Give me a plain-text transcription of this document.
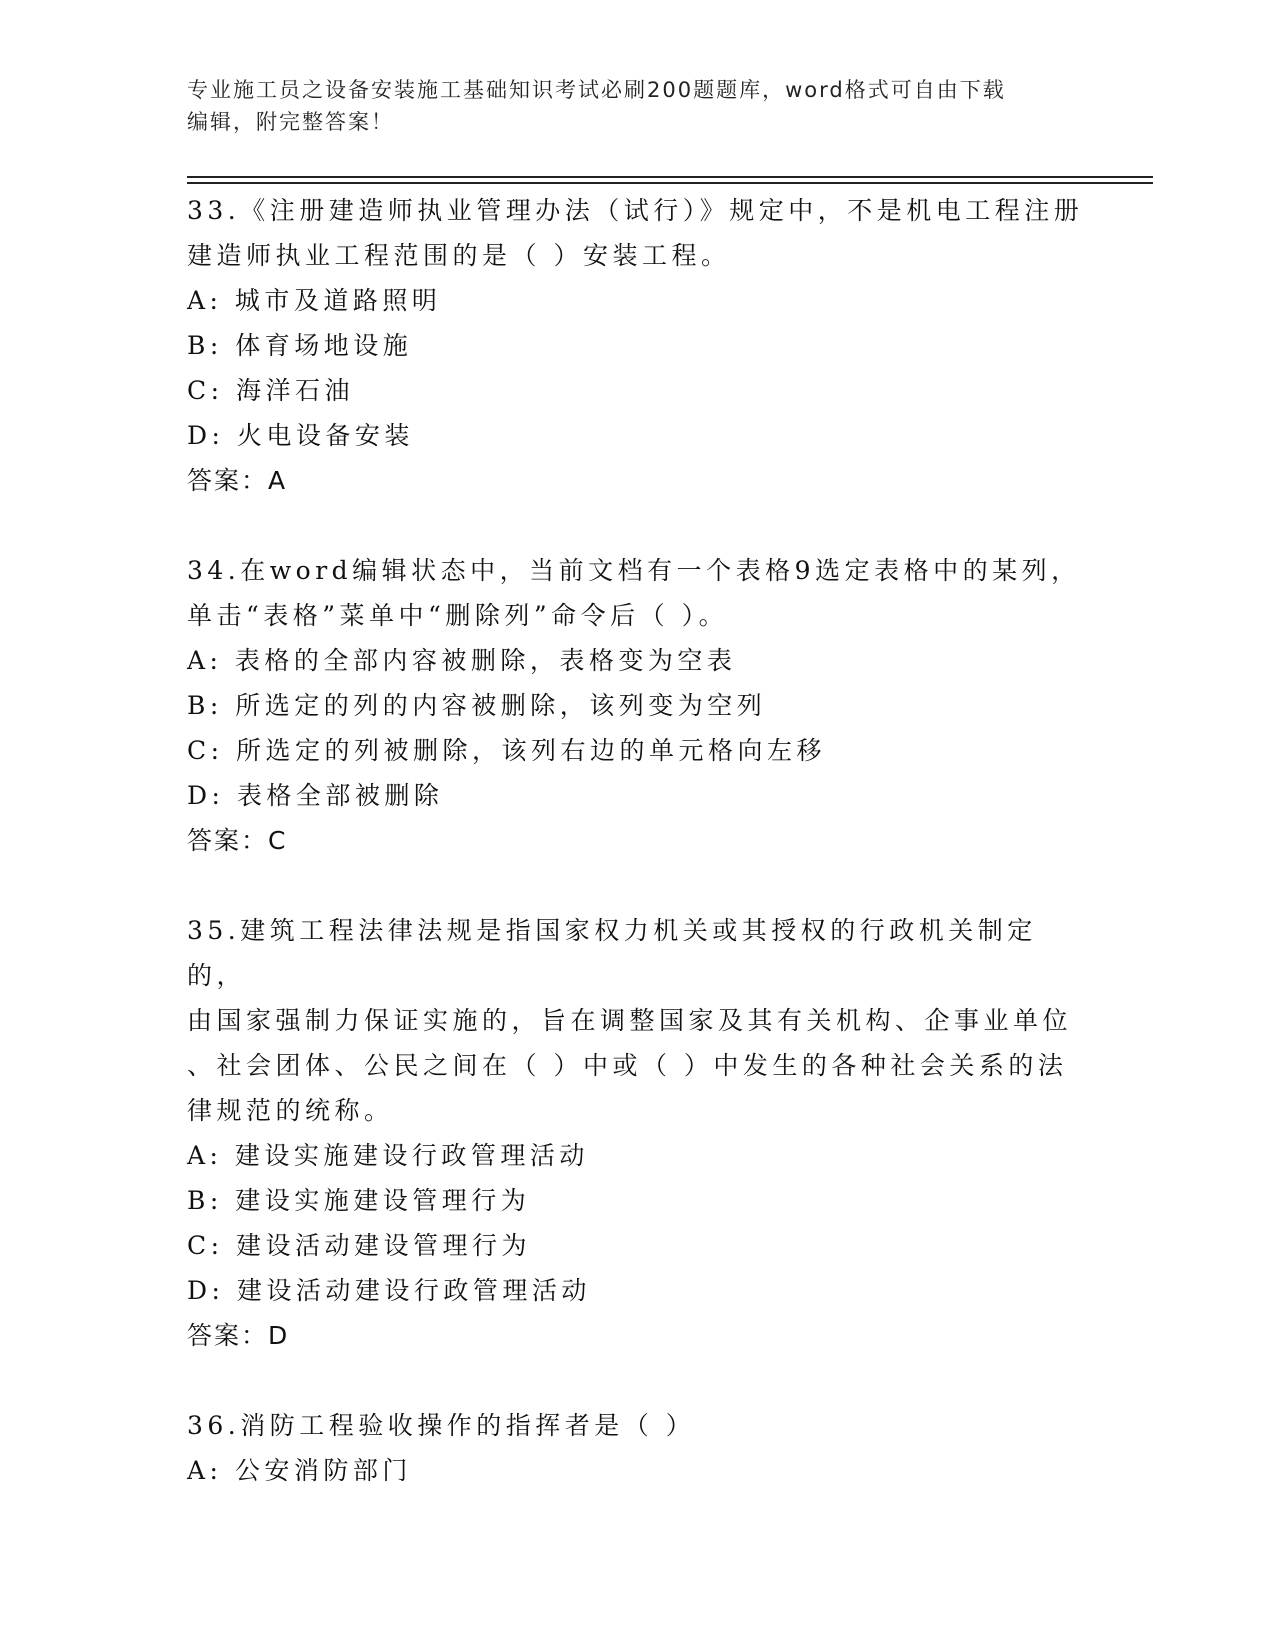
专业施工员之设备安装施工基础知识考试必刷200题题库，word格式可自由下载
编辑，附完整答案！
33.《注册建造师执业管理办法（试行）》规定中，不是机电工程注册
建造师执业工程范围的是（ ）安装工程。
A: 城市及道路照明
B: 体育场地设施
C: 海洋石油
D: 火电设备安装
答案：A
34.在word编辑状态中，当前文档有一个表格9选定表格中的某列，
单击“表格”菜单中“删除列”命令后（ ）。
A: 表格的全部内容被删除，表格变为空表
B: 所选定的列的内容被删除，该列变为空列
C: 所选定的列被删除，该列右边的单元格向左移
D: 表格全部被删除
答案：C
35.建筑工程法律法规是指国家权力机关或其授权的行政机关制定的，
由国家强制力保证实施的，旨在调整国家及其有关机构、企事业单位
、社会团体、公民之间在（ ）中或（ ）中发生的各种社会关系的法
律规范的统称。
A: 建设实施建设行政管理活动
B: 建设实施建设管理行为
C: 建设活动建设管理行为
D: 建设活动建设行政管理活动
答案：D
36.消防工程验收操作的指挥者是（ ）
A: 公安消防部门
